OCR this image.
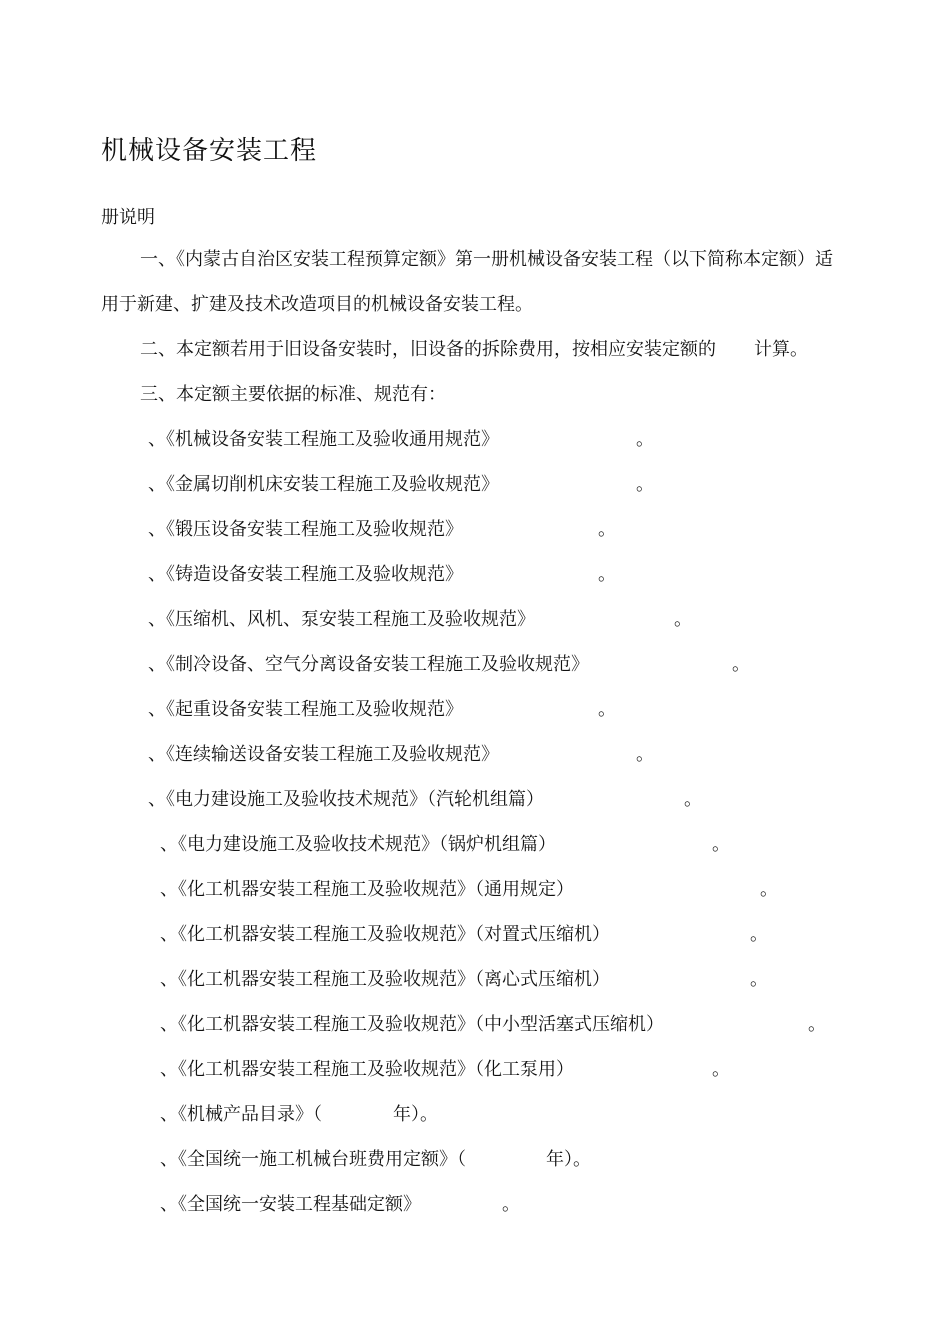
机械设备安装工程
册说明
一、《内蒙古自治区安装工程预算定额》第一册机械设备安装工程（以下简称本定额）适
用于新建、扩建及技术改造项目的机械设备安装工程。
二、本定额若用于旧设备安装时，旧设备的拆除费用，按相应安装定额的 计算。
三、本定额主要依据的标准、规范有：
、《机械设备安装工程施工及验收通用规范》	。
、《金属切削机床安装工程施工及验收规范》	。
、《锻压设备安装工程施工及验收规范》	。
、《铸造设备安装工程施工及验收规范》	。
、《压缩机、风机、泵安装工程施工及验收规范》	。
、《制冷设备、空气分离设备安装工程施工及验收规范》	。
、《起重设备安装工程施工及验收规范》	。
、《连续输送设备安装工程施工及验收规范》	。
、《电力建设施工及验收技术规范》（汽轮机组篇）	。
、《电力建设施工及验收技术规范》（锅炉机组篇）	。
、《化工机器安装工程施工及验收规范》（通用规定）	。
、《化工机器安装工程施工及验收规范》（对置式压缩机）	。
、《化工机器安装工程施工及验收规范》（离心式压缩机）	。
、《化工机器安装工程施工及验收规范》（中小型活塞式压缩机）	。
、《化工机器安装工程施工及验收规范》（化工泵用）	。
、《机械产品目录》（	年）。
、《全国统一施工机械台班费用定额》（	年）。
、《全国统一安装工程基础定额》	。
